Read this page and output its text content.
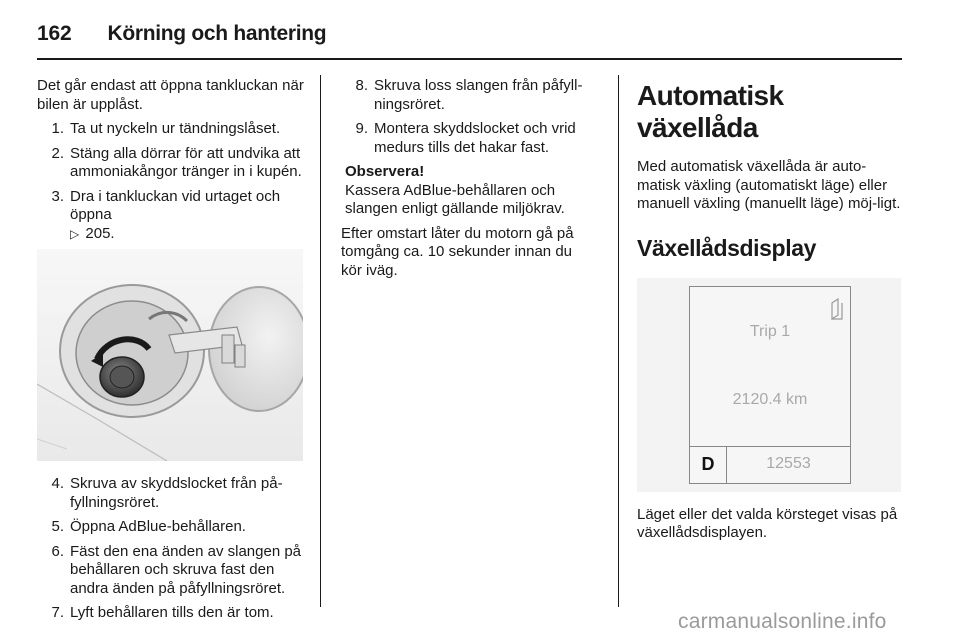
162 Körning och hantering

Det går endast att öppna tankluckan när bilen är upplåst.

1. Ta ut nyckeln ur tändningslåset.
2. Stäng alla dörrar för att undvika att ammoniakångor tränger in i kupén.
3. Dra i tankluckan vid urtaget och öppna
▷ 205.
4. Skruva av skyddslocket från på-fyllningsröret.
5. Öppna AdBlue-behållaren.
6. Fäst den ena änden av slangen på behållaren och skruva fast den andra änden på påfyllningsröret.
7. Lyft behållaren tills den är tom.
8. Skruva loss slangen från påfyll-ningsröret.
9. Montera skyddslocket och vrid medurs tills det hakar fast.
Observera!
Kassera AdBlue-behållaren och slangen enligt gällande miljökrav.

Efter omstart låter du motorn gå på tomgång ca. 10 sekunder innan du kör iväg.

Automatisk växellåda

Med automatisk växellåda är auto-matisk växling (automatiskt läge) eller manuell växling (manuellt läge) möj-ligt.

Växellådsdisplay
Trip 1
2120.4 km
D	12553

Läget eller det valda körsteget visas på växellådsdisplayen.

carmanualsonline.info
